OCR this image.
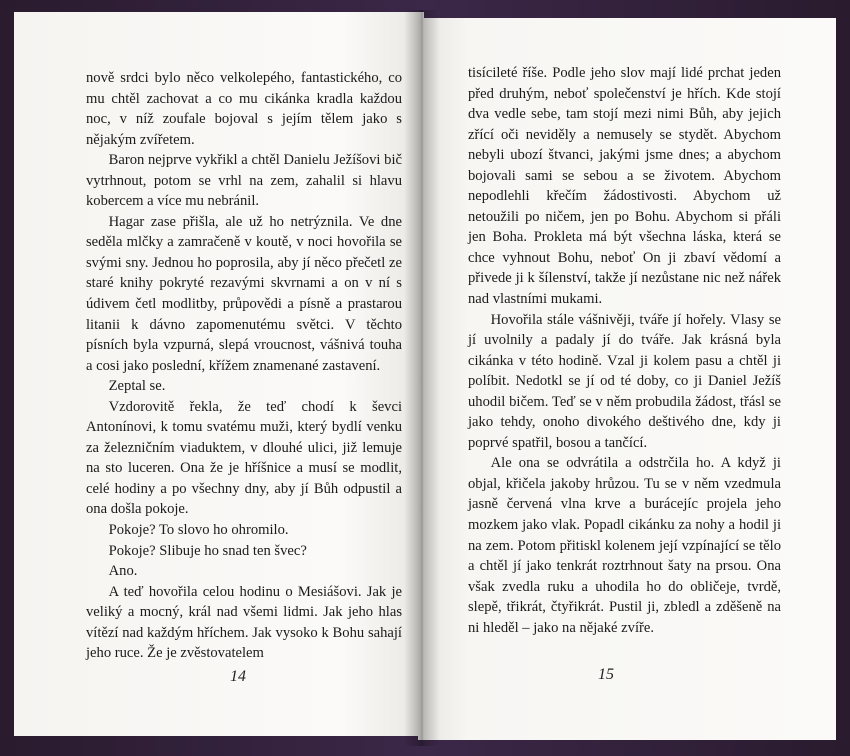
nově srdci bylo něco velkolepého, fantastického, co mu chtěl zachovat a co mu cikánka kradla každou noc, v níž zoufale bojoval s jejím tělem jako s nějakým zvířetem.

Baron nejprve vykřikl a chtěl Danielu Ježíšovi bič vytrhnout, potom se vrhl na zem, zahalil si hlavu kobercem a více mu nebránil.

Hagar zase přišla, ale už ho netrýznila. Ve dne seděla mlčky a zamračeně v koutě, v noci hovořila se svými sny. Jednou ho poprosila, aby jí něco přečetl ze staré knihy pokryté rezavými skvrnami a on v ní s údivem četl modlitby, průpovědi a písně a prastarou litanii k dávno zapomenutému světci. V těchto písních byla vzpurná, slepá vroucnost, vášnivá touha a cosi jako poslední, křížem znamenané zastavení.

Zeptal se.

Vzdorovitě řekla, že teď chodí k ševci Antonínovi, k tomu svatému muži, který bydlí venku za železničním viaduktem, v dlouhé ulici, již lemuje na sto luceren. Ona že je hříšnice a musí se modlit, celé hodiny a po všechny dny, aby jí Bůh odpustil a ona došla pokoje.

Pokoje? To slovo ho ohromilo.

Pokoje? Slibuje ho snad ten švec?

Ano.

A teď hovořila celou hodinu o Mesiášovi. Jak je veliký a mocný, král nad všemi lidmi. Jak jeho hlas vítězí nad každým hříchem. Jak vysoko k Bohu sahají jeho ruce. Že je zvěstovatelem

14

tisícileté říše. Podle jeho slov mají lidé prchat jeden před druhým, neboť společenství je hřích. Kde stojí dva vedle sebe, tam stojí mezi nimi Bůh, aby jejich zřící oči neviděly a nemusely se stydět. Abychom nebyli ubozí štvanci, jakými jsme dnes; a abychom bojovali sami se sebou a se životem. Abychom nepodlehli křečím žádostivosti. Abychom už netoužili po ničem, jen po Bohu. Abychom si přáli jen Boha. Prokleta má být všechna láska, která se chce vyhnout Bohu, neboť On ji zbaví vědomí a přivede ji k šílenství, takže jí nezůstane nic než nářek nad vlastními mukami.

Hovořila stále vášnivěji, tváře jí hořely. Vlasy se jí uvolnily a padaly jí do tváře. Jak krásná byla cikánka v této hodině. Vzal ji kolem pasu a chtěl ji políbit. Nedotkl se jí od té doby, co ji Daniel Ježíš uhodil bičem. Teď se v něm probudila žádost, třásl se jako tehdy, onoho divokého deštivého dne, kdy ji poprvé spatřil, bosou a tančící.

Ale ona se odvrátila a odstrčila ho. A když ji objal, křičela jakoby hrůzou. Tu se v něm vzedmula jasně červená vlna krve a burácejíc projela jeho mozkem jako vlak. Popadl cikánku za nohy a hodil ji na zem. Potom přitiskl kolenem její vzpínající se tělo a chtěl jí jako tenkrát roztrhnout šaty na prsou. Ona však zvedla ruku a uhodila ho do obličeje, tvrdě, slepě, třikrát, čtyřikrát. Pustil ji, zbledl a zděšeně na ni hleděl – jako na nějaké zvíře.

15
